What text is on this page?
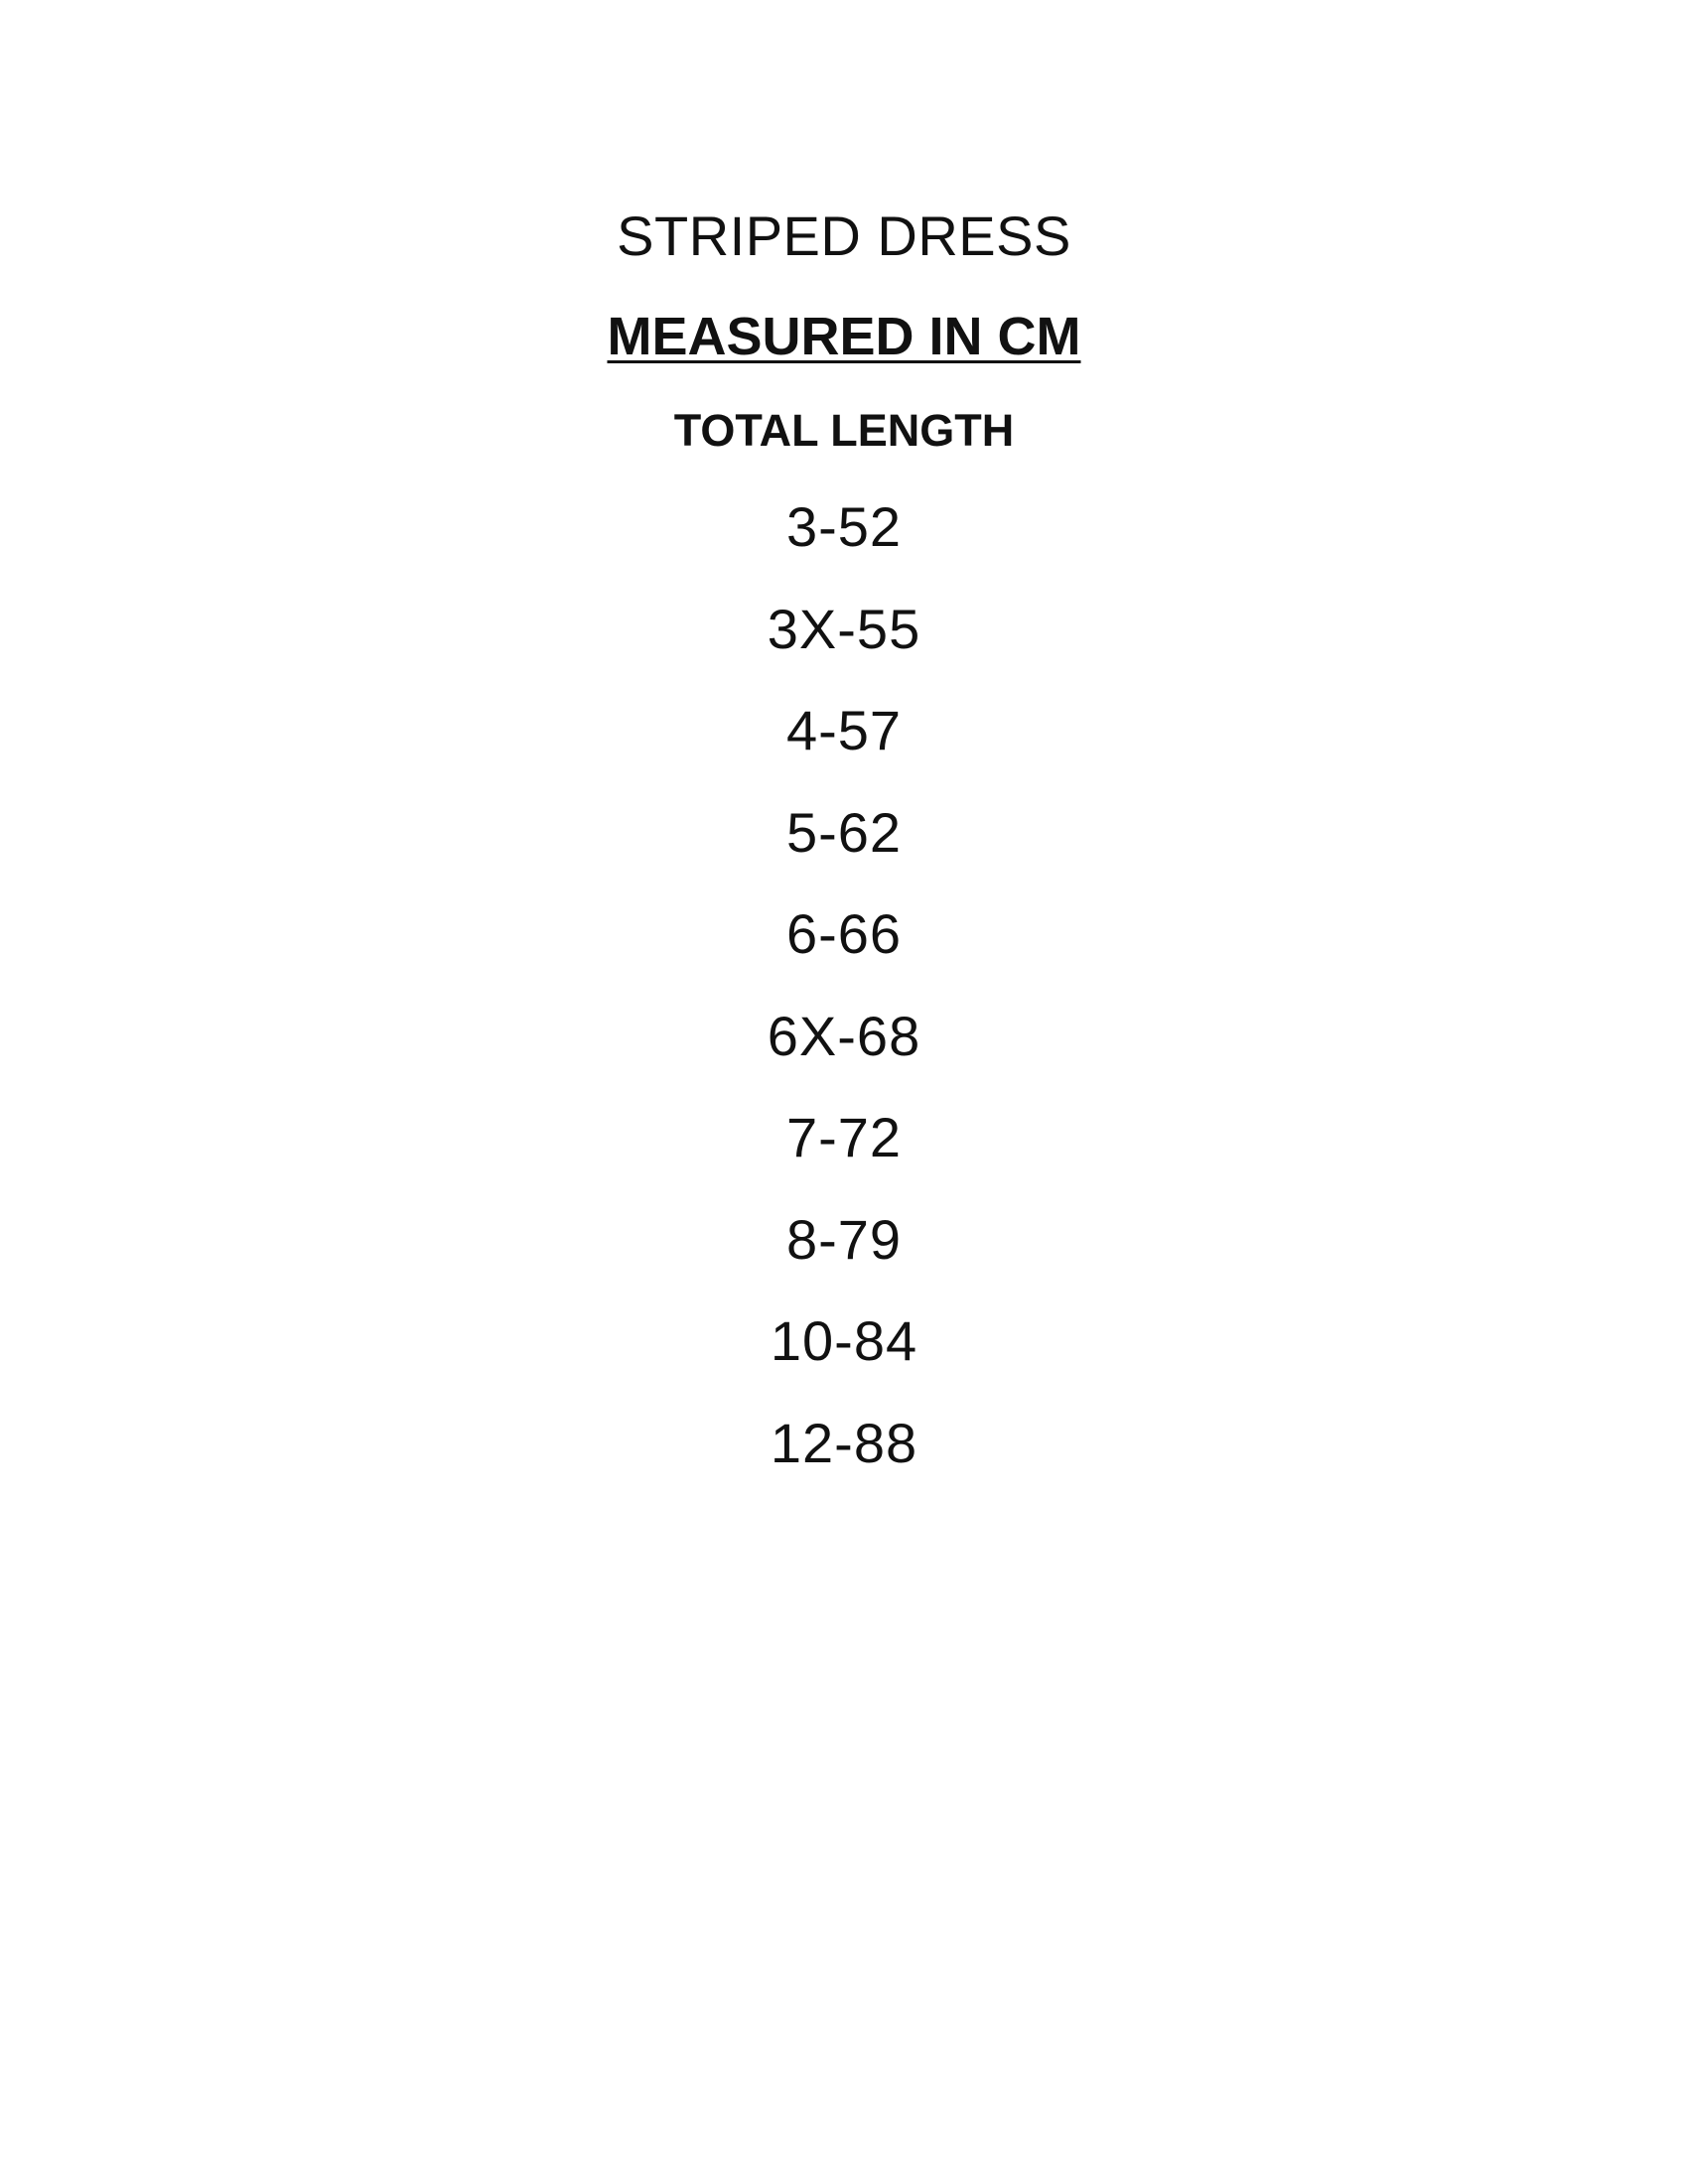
STRIPED DRESS
MEASURED IN CM
TOTAL LENGTH
3-52
3X-55
4-57
5-62
6-66
6X-68
7-72
8-79
10-84
12-88
